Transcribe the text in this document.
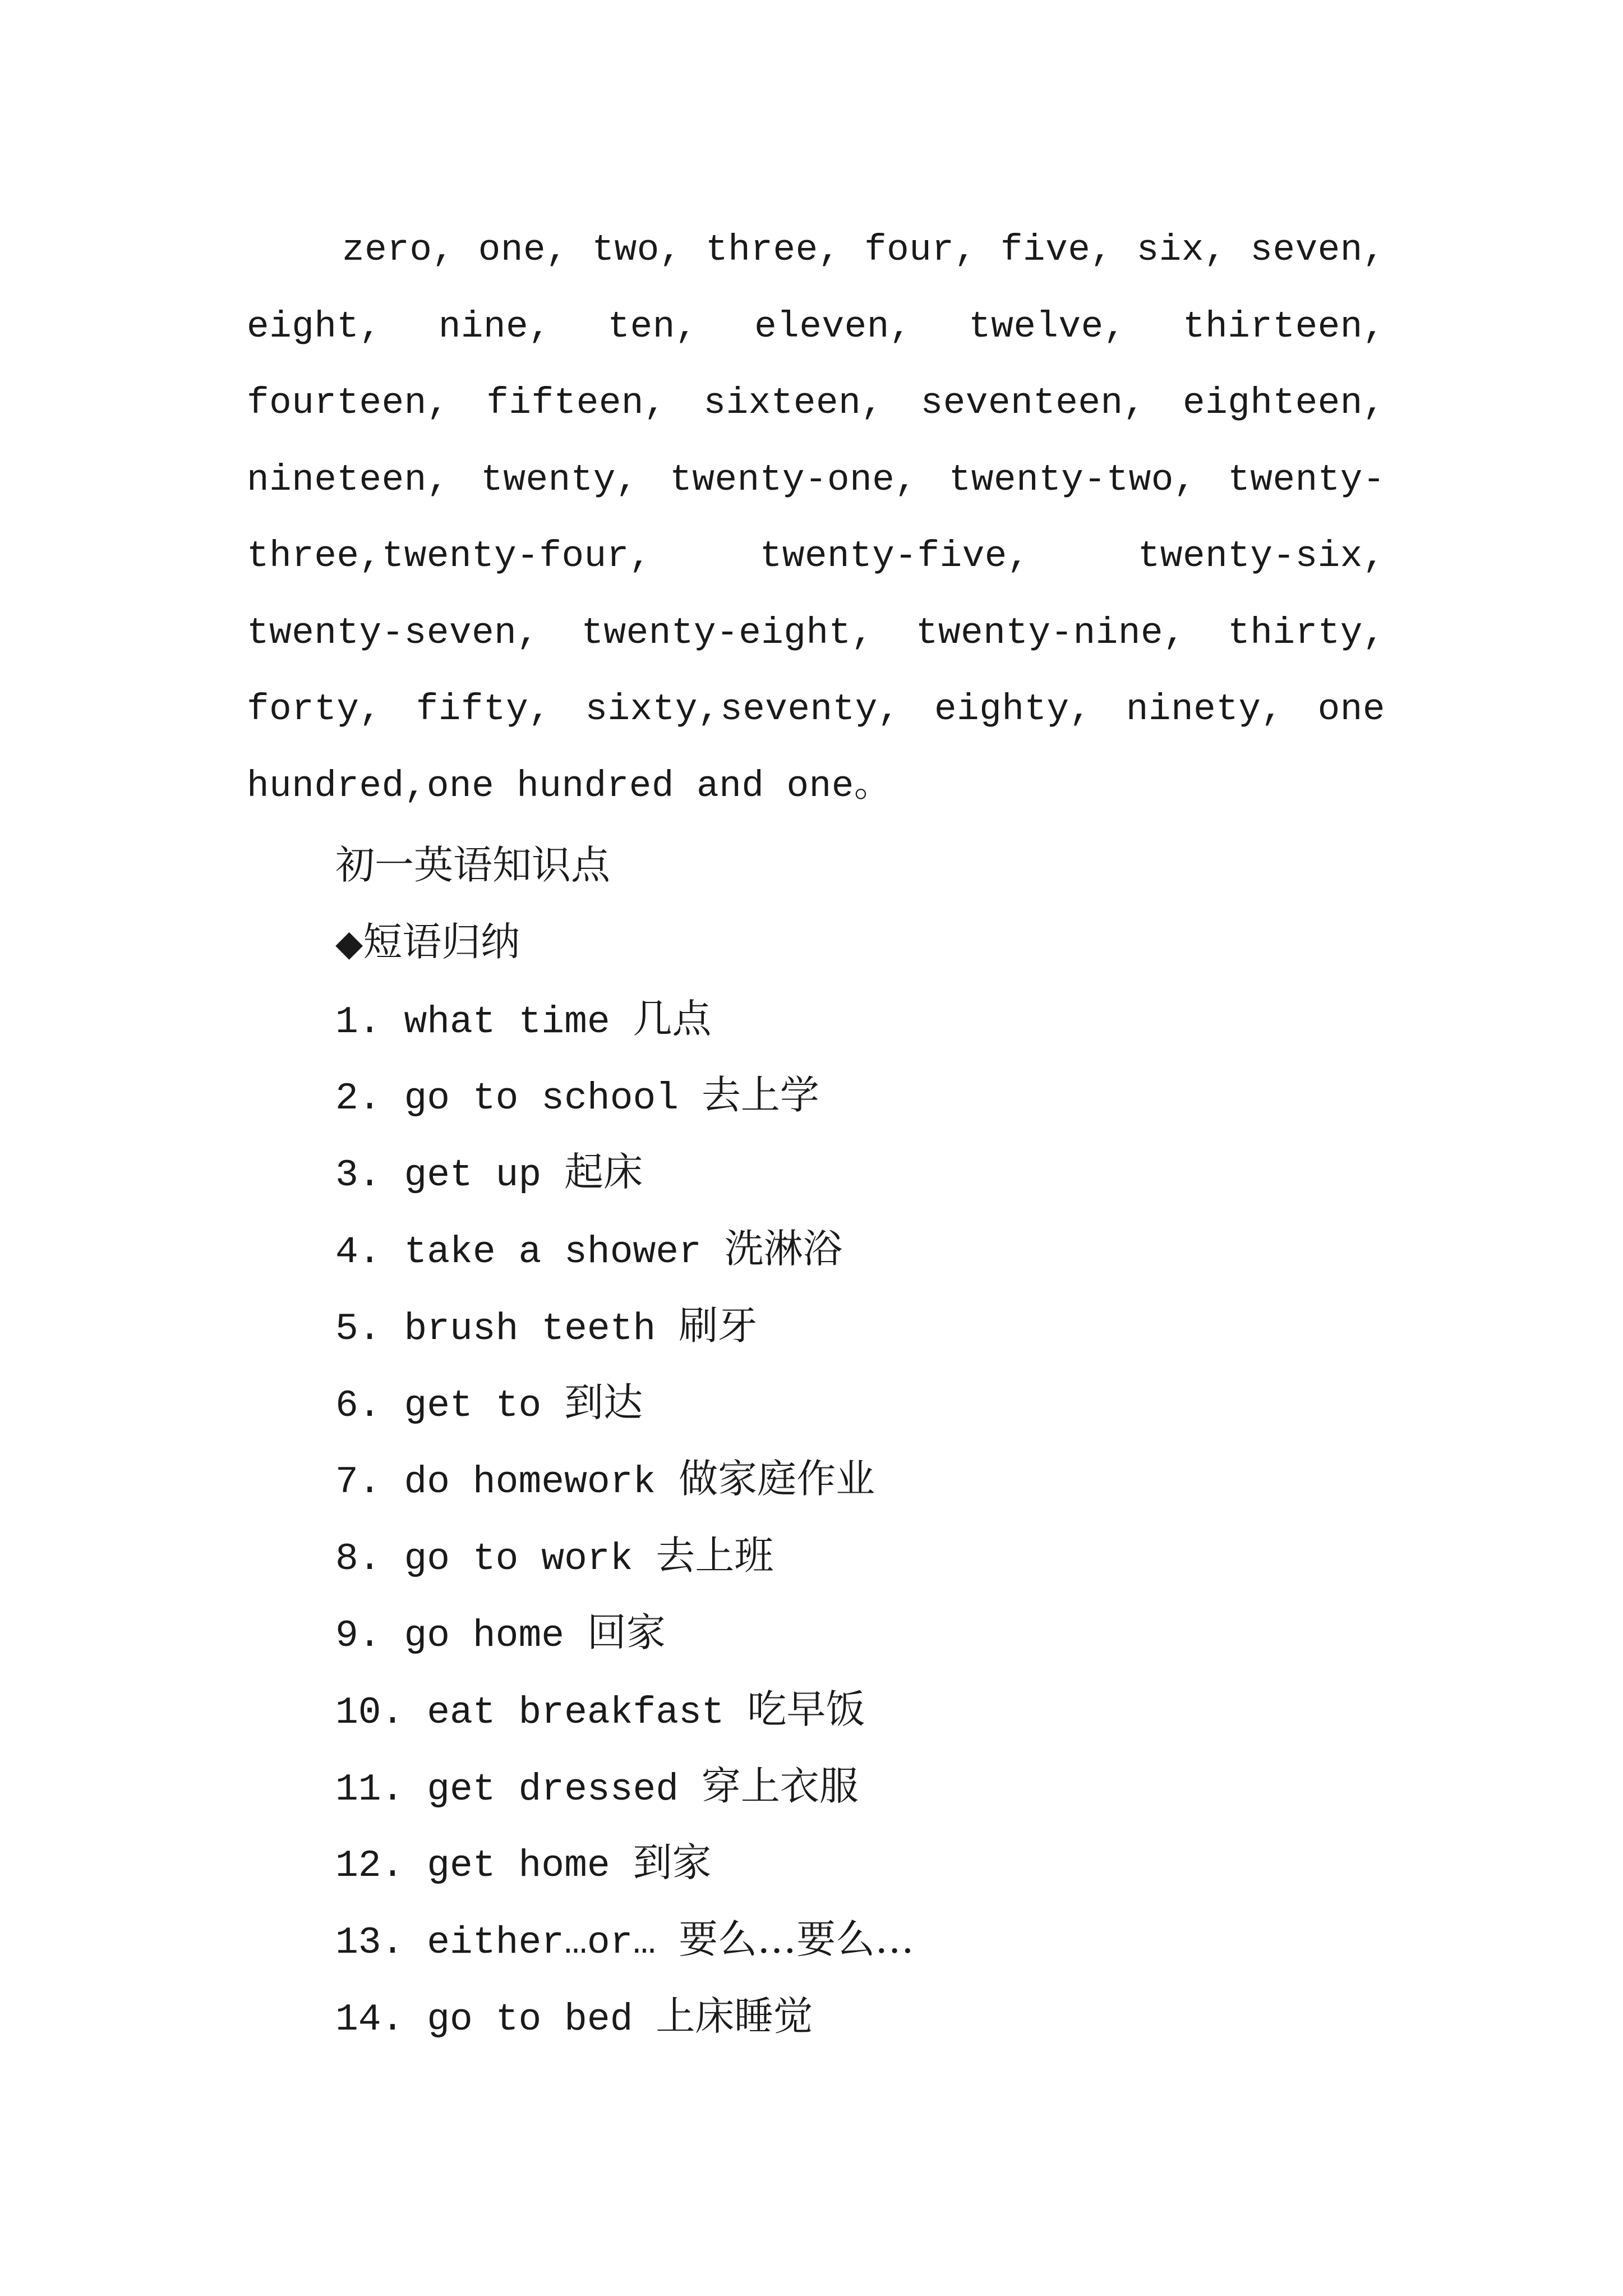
zero, one, two, three, four, five, six, seven, eight, nine, ten, eleven, twelve, thirteen, fourteen, fifteen, sixteen, seventeen, eighteen, nineteen, twenty, twenty-one, twenty-two, twenty-three,twenty-four, twenty-five, twenty-six, twenty-seven, twenty-eight, twenty-nine, thirty, forty, fifty, sixty,seventy, eighty, ninety, one hundred,one hundred and one。

初一英语知识点
◆短语归纳
1. what time 几点
2. go to school 去上学
3. get up 起床
4. take a shower 洗淋浴
5. brush teeth 刷牙
6. get to 到达
7. do homework 做家庭作业
8. go to work 去上班
9. go home 回家
10. eat breakfast 吃早饭
11. get dressed 穿上衣服
12. get home 到家
13. either…or… 要么…要么…
14. go to bed 上床睡觉
